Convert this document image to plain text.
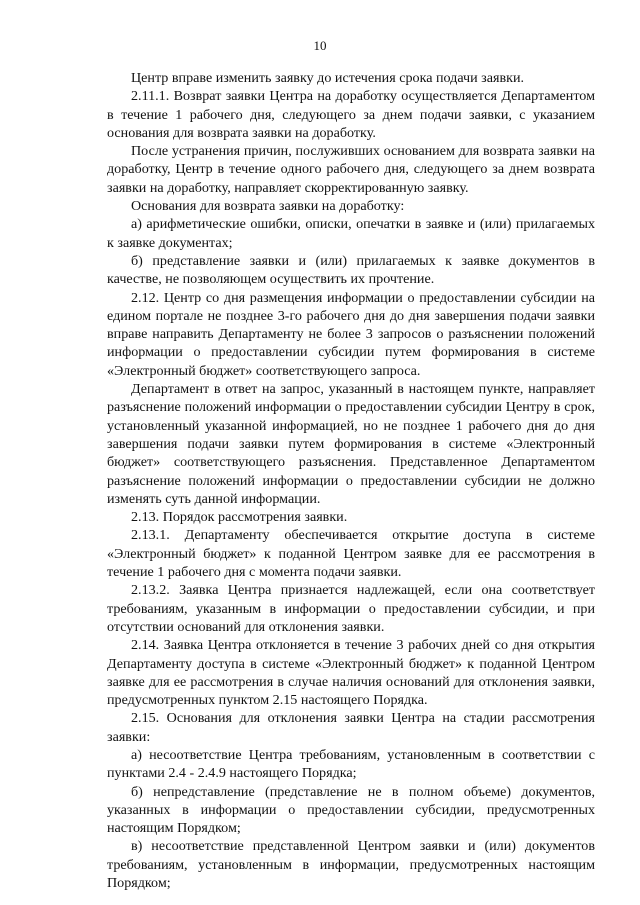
10

Центр вправе изменить заявку до истечения срока подачи заявки.

2.11.1. Возврат заявки Центра на доработку осуществляется Департаментом в течение 1 рабочего дня, следующего за днем подачи заявки, с указанием основания для возврата заявки на доработку.

После устранения причин, послуживших основанием для возврата заявки на доработку, Центр в течение одного рабочего дня, следующего за днем возврата заявки на доработку, направляет скорректированную заявку.

Основания для возврата заявки на доработку:

а) арифметические ошибки, описки, опечатки в заявке и (или) прилагаемых к заявке документах;

б) представление заявки и (или) прилагаемых к заявке документов в качестве, не позволяющем осуществить их прочтение.

2.12. Центр со дня размещения информации о предоставлении субсидии на едином портале не позднее 3-го рабочего дня до дня завершения подачи заявки вправе направить Департаменту не более 3 запросов о разъяснении положений информации о предоставлении субсидии путем формирования в системе «Электронный бюджет» соответствующего запроса.

Департамент в ответ на запрос, указанный в настоящем пункте, направляет разъяснение положений информации о предоставлении субсидии Центру в срок, установленный указанной информацией, но не позднее 1 рабочего дня до дня завершения подачи заявки путем формирования в системе «Электронный бюджет» соответствующего разъяснения. Представленное Департаментом разъяснение положений информации о предоставлении субсидии не должно изменять суть данной информации.

2.13. Порядок рассмотрения заявки.

2.13.1. Департаменту обеспечивается открытие доступа в системе «Электронный бюджет» к поданной Центром заявке для ее рассмотрения в течение 1 рабочего дня с момента подачи заявки.

2.13.2. Заявка Центра признается надлежащей, если она соответствует требованиям, указанным в информации о предоставлении субсидии, и при отсутствии оснований для отклонения заявки.

2.14. Заявка Центра отклоняется в течение 3 рабочих дней со дня открытия Департаменту доступа в системе «Электронный бюджет» к поданной Центром заявке для ее рассмотрения в случае наличия оснований для отклонения заявки, предусмотренных пунктом 2.15 настоящего Порядка.

2.15. Основания для отклонения заявки Центра на стадии рассмотрения заявки:

а) несоответствие Центра требованиям, установленным в соответствии с пунктами 2.4 - 2.4.9 настоящего Порядка;

б) непредставление (представление не в полном объеме) документов, указанных в информации о предоставлении субсидии, предусмотренных настоящим Порядком;

в) несоответствие представленной Центром заявки и (или) документов требованиям, установленным в информации, предусмотренных настоящим Порядком;
